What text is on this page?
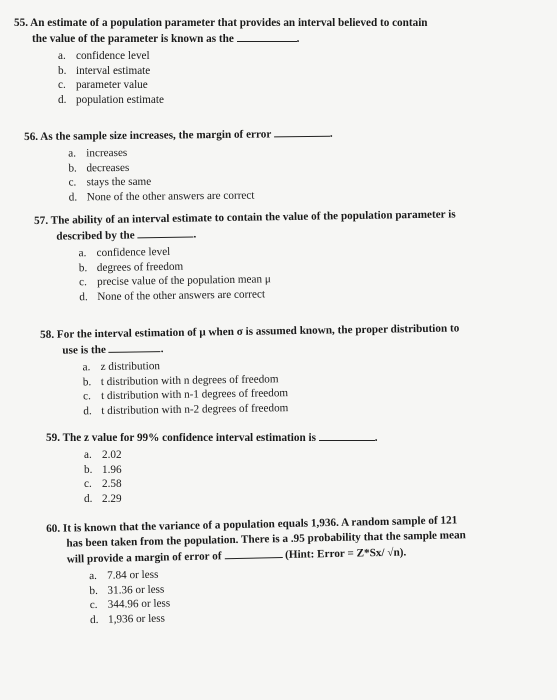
55. An estimate of a population parameter that provides an interval believed to contain
the value of the parameter is known as the	.
a. confidence level
b. interval estimate
c. parameter value
d. population estimate
56. As the sample size increases, the margin of error	.
a. increases
b. decreases
c. stays the same
d. None of the other answers are correct
57. The ability of an interval estimate to contain the value of the population parameter is
described by the	.
a. confidence level
b. degrees of freedom
c. precise value of the population mean μ
d. None of the other answers are correct
58. For the interval estimation of μ when σ is assumed known, the proper distribution to
use is the	.
a. z distribution
b. t distribution with n degrees of freedom
c. t distribution with n-1 degrees of freedom
d. t distribution with n-2 degrees of freedom
59. The z value for 99% confidence interval estimation is	.
a. 2.02
b. 1.96
c. 2.58
d. 2.29
60. It is known that the variance of a population equals 1,936. A random sample of 121
has been taken from the population. There is a .95 probability that the sample mean
will provide a margin of error of	(Hint: Error = Z*Sx/ √n).
a. 7.84 or less
b. 31.36 or less
c. 344.96 or less
d. 1,936 or less
